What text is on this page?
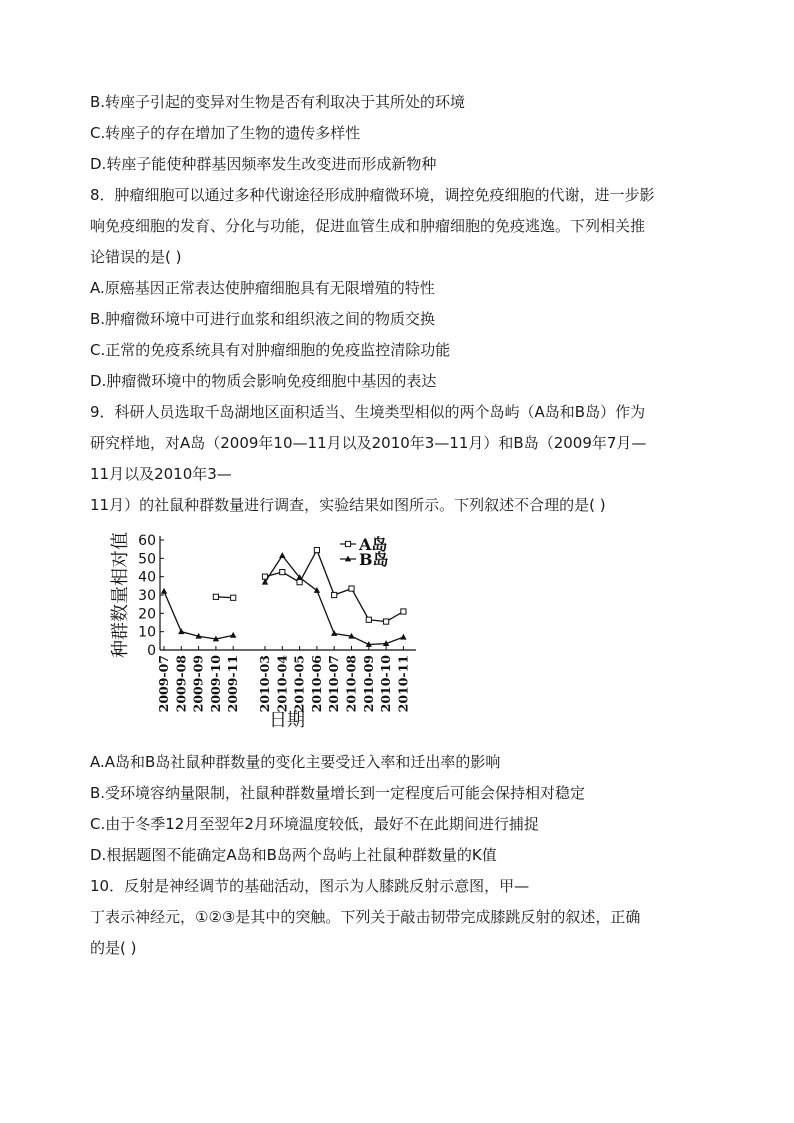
B.转座子引起的变异对生物是否有利取决于其所处的环境
C.转座子的存在增加了生物的遗传多样性
D.转座子能使种群基因频率发生改变进而形成新物种
8．肿瘤细胞可以通过多种代谢途径形成肿瘤微环境，调控免疫细胞的代谢，进一步影
响免疫细胞的发育、分化与功能，促进血管生成和肿瘤细胞的免疫逃逸。下列相关推
论错误的是( )
A.原癌基因正常表达使肿瘤细胞具有无限增殖的特性
B.肿瘤微环境中可进行血浆和组织液之间的物质交换
C.正常的免疫系统具有对肿瘤细胞的免疫监控清除功能
D.肿瘤微环境中的物质会影响免疫细胞中基因的表达
9．科研人员选取千岛湖地区面积适当、生境类型相似的两个岛屿（A岛和B岛）作为
研究样地，对A岛（2009年10—11月以及2010年3—11月）和B岛（2009年7月—
11月以及2010年3—
11月）的社鼠种群数量进行调查，实验结果如图所示。下列叙述不合理的是( )
0
10
20
30
40
50
60
种群数量相对值
2009-07 2009-08 2009-09 2009-10 2009-11 2010-03 2010-04 2010-05 2010-06 2010-07 2010-08 2010-09 2010-10 2010-11
日期
A岛
B岛
A.A岛和B岛社鼠种群数量的变化主要受迁入率和迁出率的影响
B.受环境容纳量限制，社鼠种群数量增长到一定程度后可能会保持相对稳定
C.由于冬季12月至翌年2月环境温度较低，最好不在此期间进行捕捉
D.根据题图不能确定A岛和B岛两个岛屿上社鼠种群数量的K值
10．反射是神经调节的基础活动，图示为人膝跳反射示意图，甲—
丁表示神经元，①②③是其中的突触。下列关于敲击韧带完成膝跳反射的叙述，正确
的是( )
